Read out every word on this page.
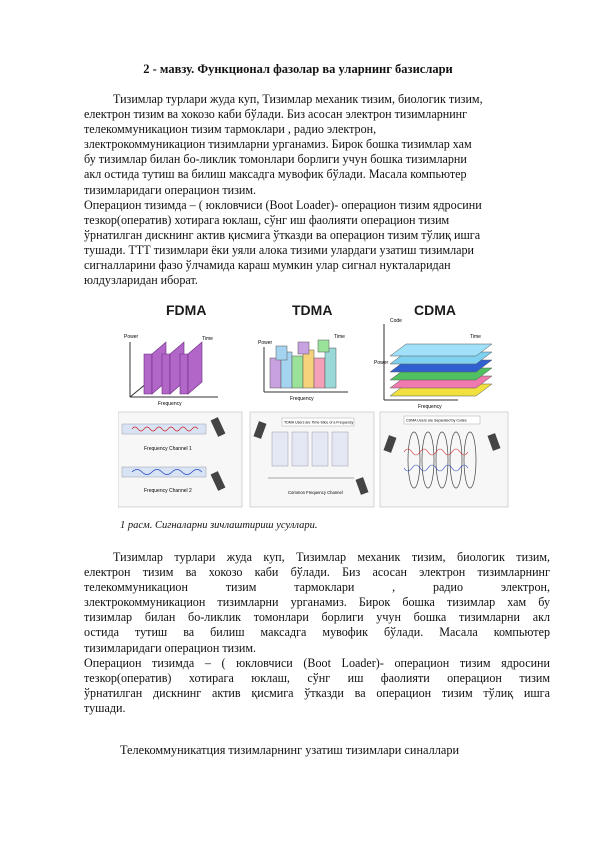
2 - мавзу. Функционал фазолар ва уларнинг базислари

Тизимлар турлари жуда куп, Тизимлар механик тизим, биологик тизим,
електрон тизим ва хокозо каби бўлади. Биз асосан электрон тизимларнинг
телекоммуникацион тизим тармоклари , радио электрон,
злектрокоммуникацион тизимларни урганамиз. Бирок бошка тизимлар хам
бу тизимлар билан бо-ликлик томонлари борлиги учун бошка тизимларни
акл остида тутиш ва билиш максадга мувофик бўлади. Масала компьютер
тизимларидаги операцион тизим.

Операцион тизимда – ( юкловчиси (Boot Loader)- операцион тизим ядросини
тезкор(оператив) хотирага юклаш, сўнг иш фаолияти операцион тизим
ўрнатилган дискнинг актив қисмига ўтказди ва операцион тизим тўлиқ ишга
тушади. ТТТ тизимлари ёки уяли алока тизими улардаги узатиш тизимлари
сигналларини фазо ўлчамида караш мумкин улар сигнал нукталаридан
юлдузларидан иборат.

FDMA	TDMA	CDMA
Power	Time
Frequency
Power
Time
Frequency
Code
Power
Time
Frequency
Frequency Channel 1
Frequency Channel 2
TDMA Users are Time-Slice of a Frequency
Common Frequency Channel
CDMA Users are Separated by Codes
1 расм. Сигналарни зичлаштириш усуллари.

Тизимлар турлари жуда куп, Тизимлар механик тизим, биологик тизим,
електрон тизим ва хокозо каби бўлади. Биз асосан электрон тизимларнинг
телекоммуникацион тизим тармоклари , радио электрон,
злектрокоммуникацион тизимларни урганамиз. Бирок бошка тизимлар хам бу
тизимлар билан бо-ликлик томонлари борлиги учун бошка тизимларни акл
остида тутиш ва билиш максадга мувофик бўлади. Масала компьютер
тизимларидаги операцион тизим.

Операцион тизимда – ( юкловчиси (Boot Loader)- операцион тизим ядросини
тезкор(оператив) хотирага юклаш, сўнг иш фаолияти операцион тизим
ўрнатилган дискнинг актив қисмига ўтказди ва операцион тизим тўлиқ ишга
тушади.

Телекоммуникатция тизимларнинг узатиш тизимлари синаллари
